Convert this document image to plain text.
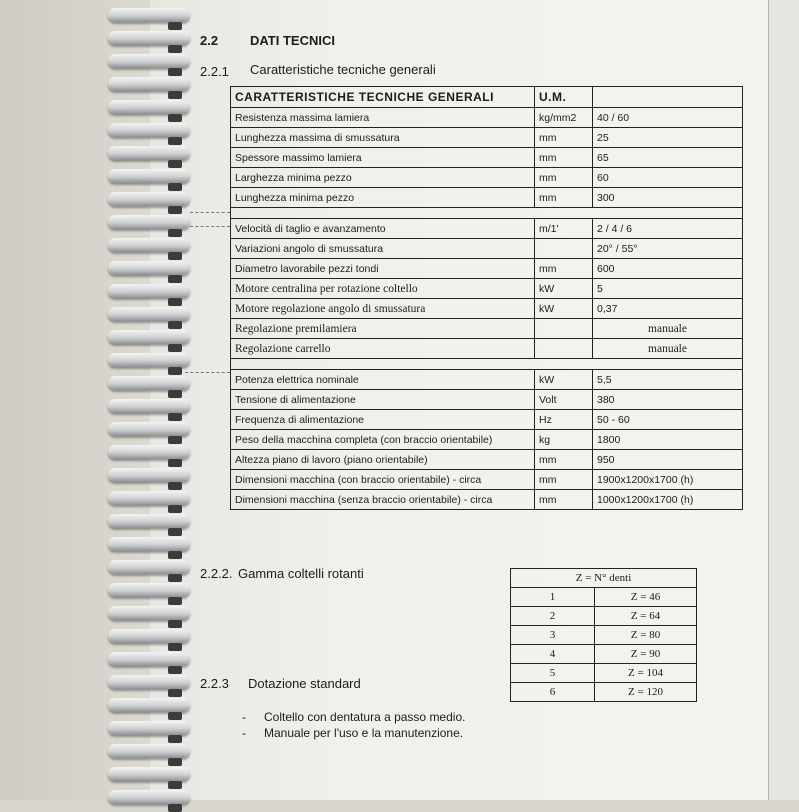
2.2 DATI TECNICI
2.2.1 Caratteristiche tecniche generali
CARATTERISTICHE TECNICHE GENERALI	U.M.	
Resistenza massima lamiera	kg/mm2	40 / 60
Lunghezza massima di smussatura	mm	25
Spessore massimo lamiera	mm	65
Larghezza minima pezzo	mm	60
Lunghezza minima pezzo	mm	300

Velocità di taglio e avanzamento	m/1'	2 / 4 / 6
Variazioni angolo di smussatura		20° / 55°
Diametro lavorabile pezzi tondi	mm	600
Motore centralina per rotazione coltello	kW	5
Motore regolazione angolo di smussatura	kW	0,37
Regolazione premilamiera		manuale
Regolazione carrello		manuale

Potenza elettrica nominale	kW	5,5
Tensione di alimentazione	Volt	380
Frequenza di alimentazione	Hz	50 - 60
Peso della macchina completa (con braccio orientabile)	kg	1800
Altezza piano di lavoro (piano orientabile)	mm	950
Dimensioni macchina (con braccio orientabile) - circa	mm	1900x1200x1700 (h)
Dimensioni macchina (senza braccio orientabile) - circa	mm	1000x1200x1700 (h)
2.2.2. Gamma coltelli rotanti	Z = N° denti	
1	Z = 46
2	Z = 64
3	Z = 80
4	Z = 90
5	Z = 104
6	Z = 120
2.2.3 Dotazione standard
- Coltello con dentatura a passo medio.
- Manuale per l'uso e la manutenzione.
